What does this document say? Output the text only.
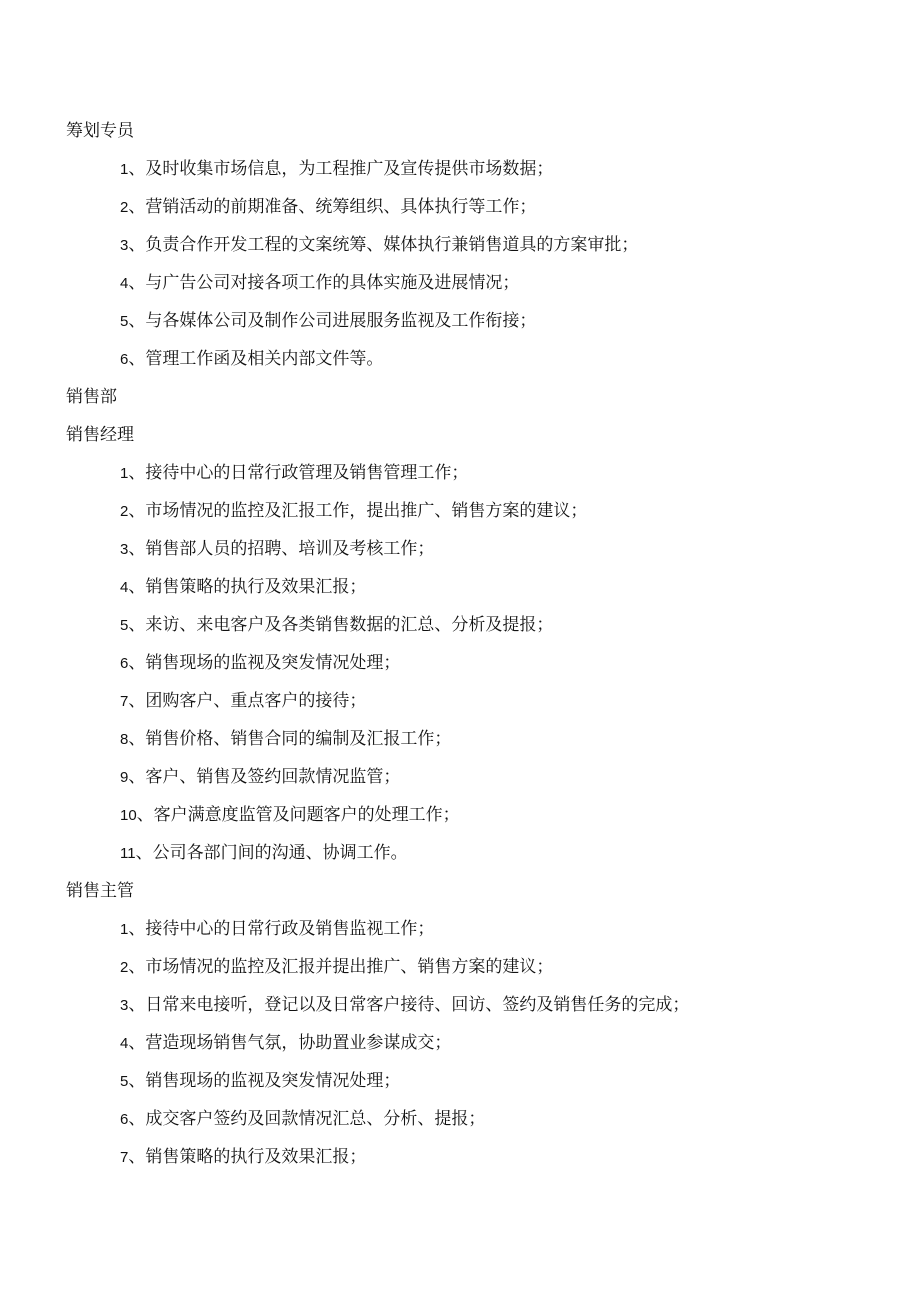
筹划专员
1、及时收集市场信息，为工程推广及宣传提供市场数据；
2、营销活动的前期准备、统筹组织、具体执行等工作；
3、负责合作开发工程的文案统筹、媒体执行兼销售道具的方案审批；
4、与广告公司对接各项工作的具体实施及进展情况；
5、与各媒体公司及制作公司进展服务监视及工作衔接；
6、管理工作函及相关内部文件等。
销售部
销售经理
1、接待中心的日常行政管理及销售管理工作；
2、市场情况的监控及汇报工作，提出推广、销售方案的建议；
3、销售部人员的招聘、培训及考核工作；
4、销售策略的执行及效果汇报；
5、来访、来电客户及各类销售数据的汇总、分析及提报；
6、销售现场的监视及突发情况处理；
7、团购客户、重点客户的接待；
8、销售价格、销售合同的编制及汇报工作；
9、客户、销售及签约回款情况监管；
10、客户满意度监管及问题客户的处理工作；
11、公司各部门间的沟通、协调工作。
销售主管
1、接待中心的日常行政及销售监视工作；
2、市场情况的监控及汇报并提出推广、销售方案的建议；
3、日常来电接听，登记以及日常客户接待、回访、签约及销售任务的完成；
4、营造现场销售气氛，协助置业参谋成交；
5、销售现场的监视及突发情况处理；
6、成交客户签约及回款情况汇总、分析、提报；
7、销售策略的执行及效果汇报；
